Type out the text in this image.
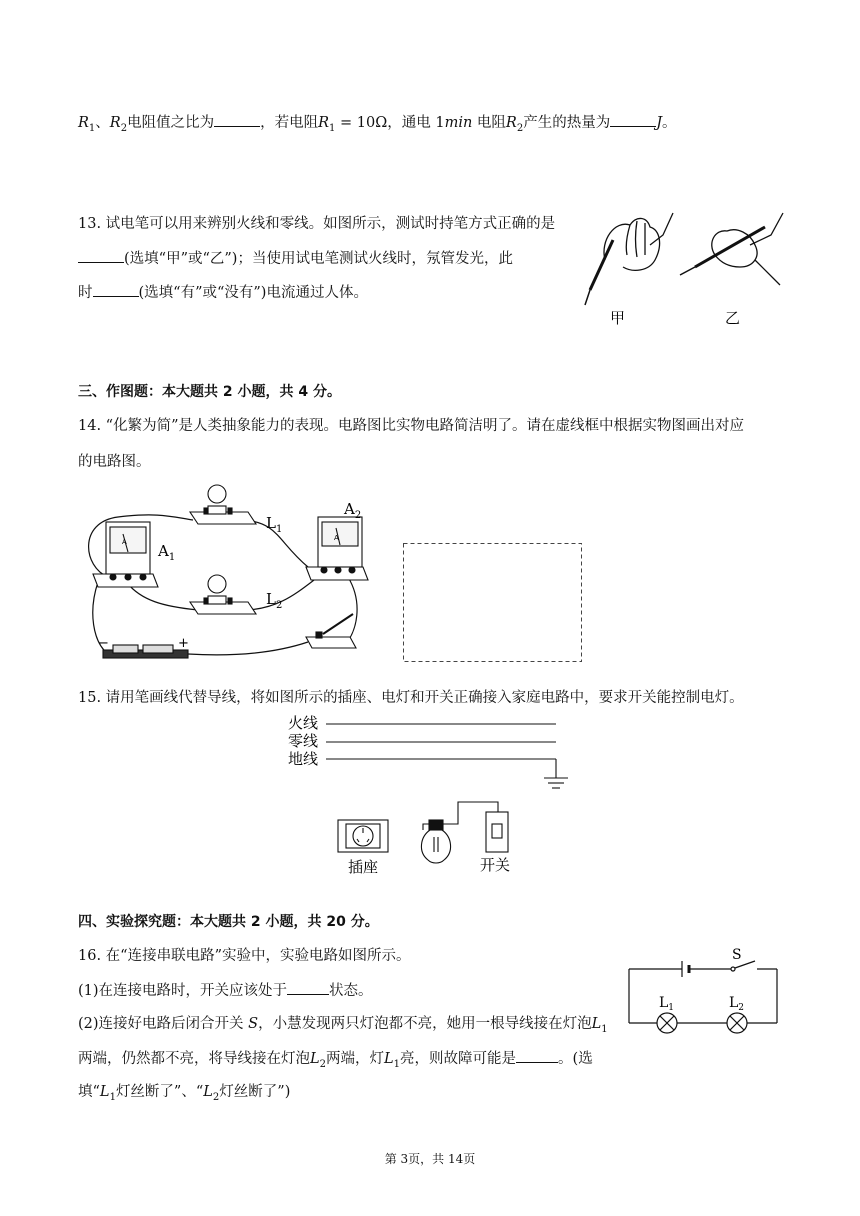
$R_1$、$R_2$电阻值之比为	，若电阻$R_1 = 10\Omega$，通电 1min 电阻$R_2$产生的热量为	J。
13. 试电笔可以用来辨别火线和零线。如图所示，测试时持笔方式正确的是
(选填“甲”或“乙”)；当使用试电笔测试火线时，氖管发光，此
时	(选填“有”或“没有”)电流通过人体。
甲	乙
三、作图题：本大题共 2 小题，共 4 分。
14. “化繁为简”是人类抽象能力的表现。电路图比实物电路简洁明了。请在虚线框中根据实物图画出对应
的电路图。
$A_1$
$L_1$
$A_2$
$L_2$
A	A
−	+
15. 请用笔画线代替导线，将如图所示的插座、电灯和开关正确接入家庭电路中，要求开关能控制电灯。
火线
零线
地线
插座	开关
四、实验探究题：本大题共 2 小题，共 20 分。
16. 在“连接串联电路”实验中，实验电路如图所示。
(1)在连接电路时，开关应该处于	状态。
(2)连接好电路后闭合开关 S，小慧发现两只灯泡都不亮，她用一根导线接在灯泡$L_1$
两端，仍然都不亮，将导线接在灯泡$L_2$两端，灯$L_1$亮，则故障可能是	。(选
填“$L_1$灯丝断了”、“$L_2$灯丝断了”)
S
$L_1$	$L_2$
第 3页，共 14页
